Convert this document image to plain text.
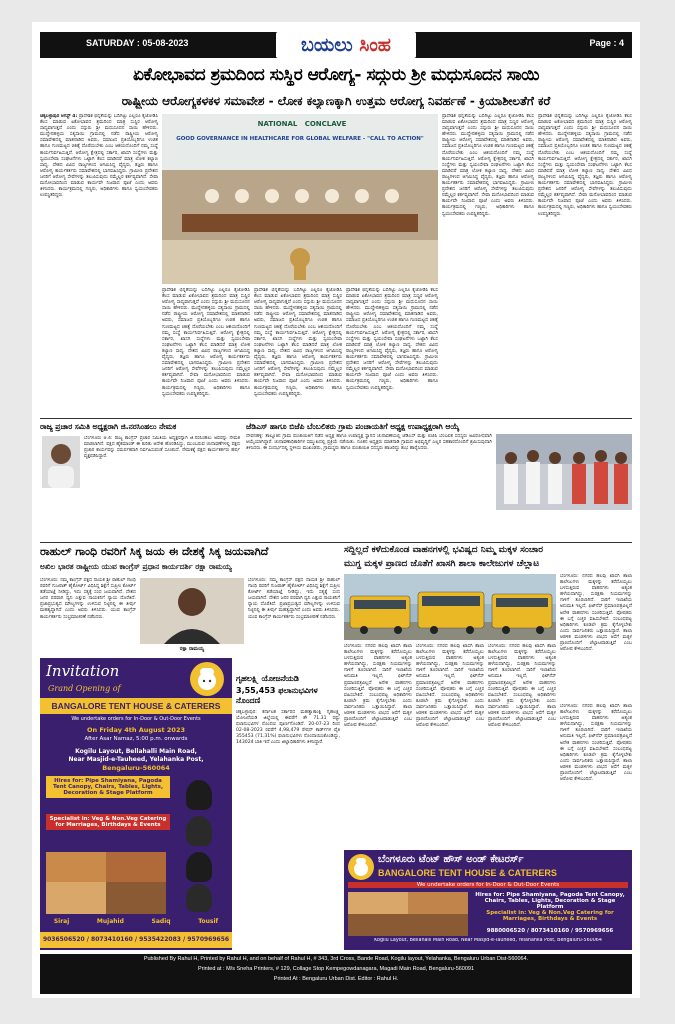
SATURDAY : 05-08-2023	ಬಯಲು ಸಿಂಹ	Page : 4
ಏಕೋಭಾವದ ಶ್ರಮದಿಂದ ಸುಸ್ಥಿರ ಆರೋಗ್ಯ- ಸದ್ಗುರು ಶ್ರೀ ಮಧುಸೂದನ ಸಾಯಿ
ರಾಷ್ಟ್ರೀಯ ಆರೋಗ್ಯಕಳಕಳ ಸಮಾವೇಶ - ಲೋಕ ಕಲ್ಯಾಣಕ್ಕಾಗಿ ಉತ್ತಮ ಆರೋಗ್ಯ ನಿವರ್ಹಣೆ - ಕ್ರಿಯಾಶೀಲತೆಗೆ ಕರೆ

ಚಿಕ್ಕಬಳ್ಳಾಪುರ ಆಗಸ್ಟ್ 4: ಪ್ರಾದೇಶಿಕ ಭಿನ್ನತೆಯನ್ನು ಬದಿಗಿಟ್ಟು ಎಲ್ಲರೂ ಕೈಜೋಡಿಸಿ ಕೆಲಸ ಮಾಡುವ ಏಕೋಭಾವದ ಶ್ರಮದಿಂದ ಮಾತ್ರ ಸುಸ್ಥಿರ ಆರೋಗ್ಯ ಸಾಧ್ಯವಾಗುತ್ತದೆ ಎಂದು ಸದ್ಗುರು ಶ್ರೀ ಮಧುಸೂದನ ಸಾಯಿ ಹೇಳಿದರು. ಮುದ್ದೇನಹಳ್ಳಿಯ ಸತ್ಯಸಾಯಿ ಗ್ರಾಮದಲ್ಲಿ ನಡೆದ ರಾಷ್ಟ್ರೀಯ ಆರೋಗ್ಯ ಸಮಾವೇಶದಲ್ಲಿ ಮಾತನಾಡಿದ ಅವರು, ಸಮಾಜದ ಪ್ರತಿಯೊಬ್ಬರಿಗೂ ಉಚಿತ ಹಾಗೂ ಗುಣಮಟ್ಟದ ಚಿಕಿತ್ಸೆ ದೊರೆಯಬೇಕು ಎಂಬ ಆಶಯದೊಂದಿಗೆ ನಮ್ಮ ಸಂಸ್ಥೆ ಕಾರ್ಯನಿರ್ವಹಿಸುತ್ತಿದೆ. ಆರೋಗ್ಯ ಕ್ಷೇತ್ರದಲ್ಲಿ ಸರ್ಕಾರ, ಖಾಸಗಿ ಸಂಸ್ಥೆಗಳು ಮತ್ತು ಸ್ವಯಂಸೇವಾ ಸಂಘಟನೆಗಳು ಒಟ್ಟಾಗಿ ಕೆಲಸ ಮಾಡಿದರೆ ಮಾತ್ರ ಲೋಕ ಕಲ್ಯಾಣ ಸಾಧ್ಯ. ದೇಶದ ವಿವಿಧ ರಾಜ್ಯಗಳಿಂದ ಆಗಮಿಸಿದ್ದ ವೈದ್ಯರು, ತಜ್ಞರು ಹಾಗೂ ಆರೋಗ್ಯ ಕಾರ್ಯಕರ್ತರು ಸಮಾವೇಶದಲ್ಲಿ ಭಾಗವಹಿಸಿದ್ದರು. ಗ್ರಾಮೀಣ ಪ್ರದೇಶದ ಜನರಿಗೆ ಆರೋಗ್ಯ ಸೇವೆಗಳನ್ನು ತಲುಪಿಸುವುದು ನಮ್ಮೆಲ್ಲರ ಕರ್ತವ್ಯವಾಗಿದೆ. ಸೇವಾ ಮನೋಭಾವದಿಂದ ಮಾಡುವ ಕಾರ್ಯವೇ ನಿಜವಾದ ಪೂಜೆ ಎಂದು ಅವರು ತಿಳಿಸಿದರು. ಕಾರ್ಯಕ್ರಮದಲ್ಲಿ ಗಣ್ಯರು, ಅಧಿಕಾರಿಗಳು ಹಾಗೂ ಸ್ವಯಂಸೇವಕರು ಉಪಸ್ಥಿತರಿದ್ದರು.

NATIONAL CONCLAVE
GOOD GOVERNANCE IN HEALTHCARE FOR GLOBAL WELFARE - "CALL TO ACTION"

ಪ್ರಾದೇಶಿಕ ಭಿನ್ನತೆಯನ್ನು ಬದಿಗಿಟ್ಟು ಎಲ್ಲರೂ ಕೈಜೋಡಿಸಿ ಕೆಲಸ ಮಾಡುವ ಏಕೋಭಾವದ ಶ್ರಮದಿಂದ ಮಾತ್ರ ಸುಸ್ಥಿರ ಆರೋಗ್ಯ ಸಾಧ್ಯವಾಗುತ್ತದೆ ಎಂದು ಸದ್ಗುರು ಶ್ರೀ ಮಧುಸೂದನ ಸಾಯಿ ಹೇಳಿದರು. ಮುದ್ದೇನಹಳ್ಳಿಯ ಸತ್ಯಸಾಯಿ ಗ್ರಾಮದಲ್ಲಿ ನಡೆದ ರಾಷ್ಟ್ರೀಯ ಆರೋಗ್ಯ ಸಮಾವೇಶದಲ್ಲಿ ಮಾತನಾಡಿದ ಅವರು, ಸಮಾಜದ ಪ್ರತಿಯೊಬ್ಬರಿಗೂ ಉಚಿತ ಹಾಗೂ ಗುಣಮಟ್ಟದ ಚಿಕಿತ್ಸೆ ದೊರೆಯಬೇಕು ಎಂಬ ಆಶಯದೊಂದಿಗೆ ನಮ್ಮ ಸಂಸ್ಥೆ ಕಾರ್ಯನಿರ್ವಹಿಸುತ್ತಿದೆ. ಆರೋಗ್ಯ ಕ್ಷೇತ್ರದಲ್ಲಿ ಸರ್ಕಾರ, ಖಾಸಗಿ ಸಂಸ್ಥೆಗಳು ಮತ್ತು ಸ್ವಯಂಸೇವಾ ಸಂಘಟನೆಗಳು ಒಟ್ಟಾಗಿ ಕೆಲಸ ಮಾಡಿದರೆ ಮಾತ್ರ ಲೋಕ ಕಲ್ಯಾಣ ಸಾಧ್ಯ. ದೇಶದ ವಿವಿಧ ರಾಜ್ಯಗಳಿಂದ ಆಗಮಿಸಿದ್ದ ವೈದ್ಯರು, ತಜ್ಞರು ಹಾಗೂ ಆರೋಗ್ಯ ಕಾರ್ಯಕರ್ತರು ಸಮಾವೇಶದಲ್ಲಿ ಭಾಗವಹಿಸಿದ್ದರು. ಗ್ರಾಮೀಣ ಪ್ರದೇಶದ ಜನರಿಗೆ ಆರೋಗ್ಯ ಸೇವೆಗಳನ್ನು ತಲುಪಿಸುವುದು ನಮ್ಮೆಲ್ಲರ ಕರ್ತವ್ಯವಾಗಿದೆ. ಸೇವಾ ಮನೋಭಾವದಿಂದ ಮಾಡುವ ಕಾರ್ಯವೇ ನಿಜವಾದ ಪೂಜೆ ಎಂದು ಅವರು ತಿಳಿಸಿದರು. ಕಾರ್ಯಕ್ರಮದಲ್ಲಿ ಗಣ್ಯರು, ಅಧಿಕಾರಿಗಳು ಹಾಗೂ ಸ್ವಯಂಸೇವಕರು ಉಪಸ್ಥಿತರಿದ್ದರು.

ಪ್ರಾದೇಶಿಕ ಭಿನ್ನತೆಯನ್ನು ಬದಿಗಿಟ್ಟು ಎಲ್ಲರೂ ಕೈಜೋಡಿಸಿ ಕೆಲಸ ಮಾಡುವ ಏಕೋಭಾವದ ಶ್ರಮದಿಂದ ಮಾತ್ರ ಸುಸ್ಥಿರ ಆರೋಗ್ಯ ಸಾಧ್ಯವಾಗುತ್ತದೆ ಎಂದು ಸದ್ಗುರು ಶ್ರೀ ಮಧುಸೂದನ ಸಾಯಿ ಹೇಳಿದರು. ಮುದ್ದೇನಹಳ್ಳಿಯ ಸತ್ಯಸಾಯಿ ಗ್ರಾಮದಲ್ಲಿ ನಡೆದ ರಾಷ್ಟ್ರೀಯ ಆರೋಗ್ಯ ಸಮಾವೇಶದಲ್ಲಿ ಮಾತನಾಡಿದ ಅವರು, ಸಮಾಜದ ಪ್ರತಿಯೊಬ್ಬರಿಗೂ ಉಚಿತ ಹಾಗೂ ಗುಣಮಟ್ಟದ ಚಿಕಿತ್ಸೆ ದೊರೆಯಬೇಕು ಎಂಬ ಆಶಯದೊಂದಿಗೆ ನಮ್ಮ ಸಂಸ್ಥೆ ಕಾರ್ಯನಿರ್ವಹಿಸುತ್ತಿದೆ. ಆರೋಗ್ಯ ಕ್ಷೇತ್ರದಲ್ಲಿ ಸರ್ಕಾರ, ಖಾಸಗಿ ಸಂಸ್ಥೆಗಳು ಮತ್ತು ಸ್ವಯಂಸೇವಾ ಸಂಘಟನೆಗಳು ಒಟ್ಟಾಗಿ ಕೆಲಸ ಮಾಡಿದರೆ ಮಾತ್ರ ಲೋಕ ಕಲ್ಯಾಣ ಸಾಧ್ಯ. ದೇಶದ ವಿವಿಧ ರಾಜ್ಯಗಳಿಂದ ಆಗಮಿಸಿದ್ದ ವೈದ್ಯರು, ತಜ್ಞರು ಹಾಗೂ ಆರೋಗ್ಯ ಕಾರ್ಯಕರ್ತರು ಸಮಾವೇಶದಲ್ಲಿ ಭಾಗವಹಿಸಿದ್ದರು. ಗ್ರಾಮೀಣ ಪ್ರದೇಶದ ಜನರಿಗೆ ಆರೋಗ್ಯ ಸೇವೆಗಳನ್ನು ತಲುಪಿಸುವುದು ನಮ್ಮೆಲ್ಲರ ಕರ್ತವ್ಯವಾಗಿದೆ. ಸೇವಾ ಮನೋಭಾವದಿಂದ ಮಾಡುವ ಕಾರ್ಯವೇ ನಿಜವಾದ ಪೂಜೆ ಎಂದು ಅವರು ತಿಳಿಸಿದರು. ಕಾರ್ಯಕ್ರಮದಲ್ಲಿ ಗಣ್ಯರು, ಅಧಿಕಾರಿಗಳು ಹಾಗೂ ಸ್ವಯಂಸೇವಕರು ಉಪಸ್ಥಿತರಿದ್ದರು.

ಪ್ರಾದೇಶಿಕ ಭಿನ್ನತೆಯನ್ನು ಬದಿಗಿಟ್ಟು ಎಲ್ಲರೂ ಕೈಜೋಡಿಸಿ ಕೆಲಸ ಮಾಡುವ ಏಕೋಭಾವದ ಶ್ರಮದಿಂದ ಮಾತ್ರ ಸುಸ್ಥಿರ ಆರೋಗ್ಯ ಸಾಧ್ಯವಾಗುತ್ತದೆ ಎಂದು ಸದ್ಗುರು ಶ್ರೀ ಮಧುಸೂದನ ಸಾಯಿ ಹೇಳಿದರು. ಮುದ್ದೇನಹಳ್ಳಿಯ ಸತ್ಯಸಾಯಿ ಗ್ರಾಮದಲ್ಲಿ ನಡೆದ ರಾಷ್ಟ್ರೀಯ ಆರೋಗ್ಯ ಸಮಾವೇಶದಲ್ಲಿ ಮಾತನಾಡಿದ ಅವರು, ಸಮಾಜದ ಪ್ರತಿಯೊಬ್ಬರಿಗೂ ಉಚಿತ ಹಾಗೂ ಗುಣಮಟ್ಟದ ಚಿಕಿತ್ಸೆ ದೊರೆಯಬೇಕು ಎಂಬ ಆಶಯದೊಂದಿಗೆ ನಮ್ಮ ಸಂಸ್ಥೆ ಕಾರ್ಯನಿರ್ವಹಿಸುತ್ತಿದೆ. ಆರೋಗ್ಯ ಕ್ಷೇತ್ರದಲ್ಲಿ ಸರ್ಕಾರ, ಖಾಸಗಿ ಸಂಸ್ಥೆಗಳು ಮತ್ತು ಸ್ವಯಂಸೇವಾ ಸಂಘಟನೆಗಳು ಒಟ್ಟಾಗಿ ಕೆಲಸ ಮಾಡಿದರೆ ಮಾತ್ರ ಲೋಕ ಕಲ್ಯಾಣ ಸಾಧ್ಯ. ದೇಶದ ವಿವಿಧ ರಾಜ್ಯಗಳಿಂದ ಆಗಮಿಸಿದ್ದ ವೈದ್ಯರು, ತಜ್ಞರು ಹಾಗೂ ಆರೋಗ್ಯ ಕಾರ್ಯಕರ್ತರು ಸಮಾವೇಶದಲ್ಲಿ ಭಾಗವಹಿಸಿದ್ದರು. ಗ್ರಾಮೀಣ ಪ್ರದೇಶದ ಜನರಿಗೆ ಆರೋಗ್ಯ ಸೇವೆಗಳನ್ನು ತಲುಪಿಸುವುದು ನಮ್ಮೆಲ್ಲರ ಕರ್ತವ್ಯವಾಗಿದೆ. ಸೇವಾ ಮನೋಭಾವದಿಂದ ಮಾಡುವ ಕಾರ್ಯವೇ ನಿಜವಾದ ಪೂಜೆ ಎಂದು ಅವರು ತಿಳಿಸಿದರು. ಕಾರ್ಯಕ್ರಮದಲ್ಲಿ ಗಣ್ಯರು, ಅಧಿಕಾರಿಗಳು ಹಾಗೂ ಸ್ವಯಂಸೇವಕರು ಉಪಸ್ಥಿತರಿದ್ದರು.

ಪ್ರಾದೇಶಿಕ ಭಿನ್ನತೆಯನ್ನು ಬದಿಗಿಟ್ಟು ಎಲ್ಲರೂ ಕೈಜೋಡಿಸಿ ಕೆಲಸ ಮಾಡುವ ಏಕೋಭಾವದ ಶ್ರಮದಿಂದ ಮಾತ್ರ ಸುಸ್ಥಿರ ಆರೋಗ್ಯ ಸಾಧ್ಯವಾಗುತ್ತದೆ ಎಂದು ಸದ್ಗುರು ಶ್ರೀ ಮಧುಸೂದನ ಸಾಯಿ ಹೇಳಿದರು. ಮುದ್ದೇನಹಳ್ಳಿಯ ಸತ್ಯಸಾಯಿ ಗ್ರಾಮದಲ್ಲಿ ನಡೆದ ರಾಷ್ಟ್ರೀಯ ಆರೋಗ್ಯ ಸಮಾವೇಶದಲ್ಲಿ ಮಾತನಾಡಿದ ಅವರು, ಸಮಾಜದ ಪ್ರತಿಯೊಬ್ಬರಿಗೂ ಉಚಿತ ಹಾಗೂ ಗುಣಮಟ್ಟದ ಚಿಕಿತ್ಸೆ ದೊರೆಯಬೇಕು ಎಂಬ ಆಶಯದೊಂದಿಗೆ ನಮ್ಮ ಸಂಸ್ಥೆ ಕಾರ್ಯನಿರ್ವಹಿಸುತ್ತಿದೆ. ಆರೋಗ್ಯ ಕ್ಷೇತ್ರದಲ್ಲಿ ಸರ್ಕಾರ, ಖಾಸಗಿ ಸಂಸ್ಥೆಗಳು ಮತ್ತು ಸ್ವಯಂಸೇವಾ ಸಂಘಟನೆಗಳು ಒಟ್ಟಾಗಿ ಕೆಲಸ ಮಾಡಿದರೆ ಮಾತ್ರ ಲೋಕ ಕಲ್ಯಾಣ ಸಾಧ್ಯ. ದೇಶದ ವಿವಿಧ ರಾಜ್ಯಗಳಿಂದ ಆಗಮಿಸಿದ್ದ ವೈದ್ಯರು, ತಜ್ಞರು ಹಾಗೂ ಆರೋಗ್ಯ ಕಾರ್ಯಕರ್ತರು ಸಮಾವೇಶದಲ್ಲಿ ಭಾಗವಹಿಸಿದ್ದರು. ಗ್ರಾಮೀಣ ಪ್ರದೇಶದ ಜನರಿಗೆ ಆರೋಗ್ಯ ಸೇವೆಗಳನ್ನು ತಲುಪಿಸುವುದು ನಮ್ಮೆಲ್ಲರ ಕರ್ತವ್ಯವಾಗಿದೆ. ಸೇವಾ ಮನೋಭಾವದಿಂದ ಮಾಡುವ ಕಾರ್ಯವೇ ನಿಜವಾದ ಪೂಜೆ ಎಂದು ಅವರು ತಿಳಿಸಿದರು. ಕಾರ್ಯಕ್ರಮದಲ್ಲಿ ಗಣ್ಯರು, ಅಧಿಕಾರಿಗಳು ಹಾಗೂ ಸ್ವಯಂಸೇವಕರು ಉಪಸ್ಥಿತರಿದ್ದರು.

ಪ್ರಾದೇಶಿಕ ಭಿನ್ನತೆಯನ್ನು ಬದಿಗಿಟ್ಟು ಎಲ್ಲರೂ ಕೈಜೋಡಿಸಿ ಕೆಲಸ ಮಾಡುವ ಏಕೋಭಾವದ ಶ್ರಮದಿಂದ ಮಾತ್ರ ಸುಸ್ಥಿರ ಆರೋಗ್ಯ ಸಾಧ್ಯವಾಗುತ್ತದೆ ಎಂದು ಸದ್ಗುರು ಶ್ರೀ ಮಧುಸೂದನ ಸಾಯಿ ಹೇಳಿದರು. ಮುದ್ದೇನಹಳ್ಳಿಯ ಸತ್ಯಸಾಯಿ ಗ್ರಾಮದಲ್ಲಿ ನಡೆದ ರಾಷ್ಟ್ರೀಯ ಆರೋಗ್ಯ ಸಮಾವೇಶದಲ್ಲಿ ಮಾತನಾಡಿದ ಅವರು, ಸಮಾಜದ ಪ್ರತಿಯೊಬ್ಬರಿಗೂ ಉಚಿತ ಹಾಗೂ ಗುಣಮಟ್ಟದ ಚಿಕಿತ್ಸೆ ದೊರೆಯಬೇಕು ಎಂಬ ಆಶಯದೊಂದಿಗೆ ನಮ್ಮ ಸಂಸ್ಥೆ ಕಾರ್ಯನಿರ್ವಹಿಸುತ್ತಿದೆ. ಆರೋಗ್ಯ ಕ್ಷೇತ್ರದಲ್ಲಿ ಸರ್ಕಾರ, ಖಾಸಗಿ ಸಂಸ್ಥೆಗಳು ಮತ್ತು ಸ್ವಯಂಸೇವಾ ಸಂಘಟನೆಗಳು ಒಟ್ಟಾಗಿ ಕೆಲಸ ಮಾಡಿದರೆ ಮಾತ್ರ ಲೋಕ ಕಲ್ಯಾಣ ಸಾಧ್ಯ. ದೇಶದ ವಿವಿಧ ರಾಜ್ಯಗಳಿಂದ ಆಗಮಿಸಿದ್ದ ವೈದ್ಯರು, ತಜ್ಞರು ಹಾಗೂ ಆರೋಗ್ಯ ಕಾರ್ಯಕರ್ತರು ಸಮಾವೇಶದಲ್ಲಿ ಭಾಗವಹಿಸಿದ್ದರು. ಗ್ರಾಮೀಣ ಪ್ರದೇಶದ ಜನರಿಗೆ ಆರೋಗ್ಯ ಸೇವೆಗಳನ್ನು ತಲುಪಿಸುವುದು ನಮ್ಮೆಲ್ಲರ ಕರ್ತವ್ಯವಾಗಿದೆ. ಸೇವಾ ಮನೋಭಾವದಿಂದ ಮಾಡುವ ಕಾರ್ಯವೇ ನಿಜವಾದ ಪೂಜೆ ಎಂದು ಅವರು ತಿಳಿಸಿದರು. ಕಾರ್ಯಕ್ರಮದಲ್ಲಿ ಗಣ್ಯರು, ಅಧಿಕಾರಿಗಳು ಹಾಗೂ ಸ್ವಯಂಸೇವಕರು ಉಪಸ್ಥಿತರಿದ್ದರು.

ರಾಜ್ಯ ಪ್ರಚಾರ ಸಮಿತಿ ಅಧ್ಯಕ್ಷರಾಗಿ ಜಿ.ನರಸಿಂಹಲು ನೇಮಕ

ಬೆಂಗಳೂರು ಆ.4: ರಾಜ್ಯ ಕಾಂಗ್ರೆಸ್ ಪ್ರಚಾರ ಸಮಿತಿಯ ಅಧ್ಯಕ್ಷರನ್ನಾಗಿ ಜಿ.ನರಸಿಂಹಲು ಅವರನ್ನು ನೇಮಕ ಮಾಡಲಾಗಿದೆ. ಪಕ್ಷದ ಹೈಕಮಾಂಡ್ ಈ ಕುರಿತು ಆದೇಶ ಹೊರಡಿಸಿದ್ದು, ಮುಂಬರುವ ಚುನಾವಣೆಗಳಲ್ಲಿ ಪಕ್ಷದ ಪ್ರಚಾರ ಕಾರ್ಯವನ್ನು ಸಮರ್ಪಕವಾಗಿ ನಿರ್ವಹಿಸುವಂತೆ ಸೂಚಿಸಿದೆ. ನೇಮಕಕ್ಕೆ ಪಕ್ಷದ ಕಾರ್ಯಕರ್ತರು ಹರ್ಷ ವ್ಯಕ್ತಪಡಿಸಿದ್ದಾರೆ.

ಜೆಡಿಎಸ್ ಹಾಗೂ ಬಿಜೆಪಿ ಬೆಂಬಲಿತರು ಗ್ರಾಮ ಪಂಚಾಯತಿಗೆ ಅಧ್ಯಕ್ಷ ಉಪಾಧ್ಯಕ್ಷರಾಗಿ ಆಯ್ಕೆ

ದೇವನಹಳ್ಳಿ: ತಾಲ್ಲೂಕಿನ ಗ್ರಾಮ ಪಂಚಾಯಿತಿಗೆ ನಡೆದ ಅಧ್ಯಕ್ಷ ಹಾಗೂ ಉಪಾಧ್ಯಕ್ಷ ಸ್ಥಾನದ ಚುನಾವಣೆಯಲ್ಲಿ ಜೆಡಿಎಸ್ ಮತ್ತು ಬಿಜೆಪಿ ಬೆಂಬಲಿತ ಸದಸ್ಯರು ಅವಿರೋಧವಾಗಿ ಆಯ್ಕೆಯಾಗಿದ್ದಾರೆ. ಚುನಾವಣಾಧಿಕಾರಿಗಳ ಸಮ್ಮುಖದಲ್ಲಿ ಪ್ರಕ್ರಿಯೆ ನಡೆಯಿತು. ನೂತನ ಅಧ್ಯಕ್ಷರು ಮಾತನಾಡಿ ಗ್ರಾಮದ ಅಭಿವೃದ್ಧಿಗೆ ಎಲ್ಲರ ಸಹಕಾರದೊಂದಿಗೆ ಶ್ರಮಿಸುವುದಾಗಿ ತಿಳಿಸಿದರು. ಈ ಸಂದರ್ಭದಲ್ಲಿ ಸ್ಥಳೀಯ ಮುಖಂಡರು, ಗ್ರಾಮಸ್ಥರು ಹಾಗೂ ಪಂಚಾಯಿತಿ ಸದಸ್ಯರು ಹಾಜರಿದ್ದು ಶುಭ ಹಾರೈಸಿದರು.

ರಾಹುಲ್ ಗಾಂಧಿ ರವರಿಗೆ ಸಿಕ್ಕ ಜಯ ಈ ದೇಶಕ್ಕೆ ಸಿಕ್ಕ ಜಯವಾಗಿದೆ
ಅಖಿಲ ಭಾರತ ರಾಷ್ಟ್ರೀಯ ಯುವ ಕಾಂಗ್ರೆಸ್ ಪ್ರಧಾನ ಕಾರ್ಯದರ್ಶಿ ರಕ್ಷಾ ರಾಮಯ್ಯ

ಬೆಂಗಳೂರು: ನಮ್ಮ ಕಾಂಗ್ರೆಸ್ ಪಕ್ಷದ ನಾಯಕ ಶ್ರೀ ರಾಹುಲ್ ಗಾಂಧಿ ರವರಿಗೆ ಗುಜರಾತ್ ಹೈಕೋರ್ಟ್ ವಿಧಿಸಿದ್ದ ಶಿಕ್ಷೆಗೆ ಸುಪ್ರೀಂ ಕೋರ್ಟ್ ತಡೆಯಾಜ್ಞೆ ನೀಡಿದ್ದು, ಇದು ಸತ್ಯಕ್ಕೆ ಸಂದ ಜಯವಾಗಿದೆ. ದೇಶದ ಜನರ ಪರವಾಗಿ ಧ್ವನಿ ಎತ್ತುವ ನಾಯಕನಿಗೆ ನ್ಯಾಯ ದೊರೆತಿದೆ. ಪ್ರಜಾಪ್ರಭುತ್ವದ ಮೌಲ್ಯಗಳನ್ನು ಉಳಿಸುವ ನಿಟ್ಟಿನಲ್ಲಿ ಈ ತೀರ್ಪು ಮಹತ್ವದ್ದಾಗಿದೆ ಎಂದು ಅವರು ತಿಳಿಸಿದರು. ಯುವ ಕಾಂಗ್ರೆಸ್ ಕಾರ್ಯಕರ್ತರು ಸಂಭ್ರಮಾಚರಣೆ ನಡೆಸಿದರು.

ರಕ್ಷಾ ರಾಮಯ್ಯ

ಬೆಂಗಳೂರು: ನಮ್ಮ ಕಾಂಗ್ರೆಸ್ ಪಕ್ಷದ ನಾಯಕ ಶ್ರೀ ರಾಹುಲ್ ಗಾಂಧಿ ರವರಿಗೆ ಗುಜರಾತ್ ಹೈಕೋರ್ಟ್ ವಿಧಿಸಿದ್ದ ಶಿಕ್ಷೆಗೆ ಸುಪ್ರೀಂ ಕೋರ್ಟ್ ತಡೆಯಾಜ್ಞೆ ನೀಡಿದ್ದು, ಇದು ಸತ್ಯಕ್ಕೆ ಸಂದ ಜಯವಾಗಿದೆ. ದೇಶದ ಜನರ ಪರವಾಗಿ ಧ್ವನಿ ಎತ್ತುವ ನಾಯಕನಿಗೆ ನ್ಯಾಯ ದೊರೆತಿದೆ. ಪ್ರಜಾಪ್ರಭುತ್ವದ ಮೌಲ್ಯಗಳನ್ನು ಉಳಿಸುವ ನಿಟ್ಟಿನಲ್ಲಿ ಈ ತೀರ್ಪು ಮಹತ್ವದ್ದಾಗಿದೆ ಎಂದು ಅವರು ತಿಳಿಸಿದರು. ಯುವ ಕಾಂಗ್ರೆಸ್ ಕಾರ್ಯಕರ್ತರು ಸಂಭ್ರಮಾಚರಣೆ ನಡೆಸಿದರು.

ಸದ್ದಿಲ್ಲದೆ ಕಳೆದುಕೊಂಡ ವಾಹನಗಳಲ್ಲಿ ಭವಿಷ್ಯದ ನಿಮ್ಮ ಮಕ್ಕಳ ಸಂಚಾರ
ಮುಗ್ದ ಮಕ್ಕಳ ಪ್ರಾಣದ ಜೊತೆಗೆ ಖಾಸಗಿ ಶಾಲಾ ಕಾಲೇಜುಗಳ ಚೆಲ್ಲಾಟ

ಬೆಂಗಳೂರು: ನಗರದ ಹಲವು ಖಾಸಗಿ ಶಾಲಾ ಕಾಲೇಜುಗಳು ಮಕ್ಕಳನ್ನು ಕರೆದೊಯ್ಯಲು ಬಳಸುತ್ತಿರುವ ವಾಹನಗಳು ಅತ್ಯಂತ ಹಳೆಯದಾಗಿದ್ದು, ಸುರಕ್ಷತಾ ನಿಯಮಗಳನ್ನು ಗಾಳಿಗೆ ತೂರಲಾಗಿದೆ. ಸಾರಿಗೆ ಇಲಾಖೆಯ ಅನುಮತಿ ಇಲ್ಲದೆ, ಫಿಟ್‌ನೆಸ್ ಪ್ರಮಾಣಪತ್ರವಿಲ್ಲದೆ ಅನೇಕ ವಾಹನಗಳು ಸಂಚರಿಸುತ್ತಿವೆ. ಪೋಷಕರು ಈ ಬಗ್ಗೆ ಎಚ್ಚರ ವಹಿಸಬೇಕಿದೆ. ಸಂಬಂಧಪಟ್ಟ ಅಧಿಕಾರಿಗಳು ಕೂಡಲೇ ಕ್ರಮ ಕೈಗೊಳ್ಳಬೇಕು ಎಂದು ಸಾರ್ವಜನಿಕರು ಒತ್ತಾಯಿಸಿದ್ದಾರೆ. ಶಾಲಾ ಆಡಳಿತ ಮಂಡಳಿಗಳು ಲಾಭದ ಆಸೆಗೆ ಮಕ್ಕಳ ಪ್ರಾಣದೊಂದಿಗೆ ಚೆಲ್ಲಾಟವಾಡುತ್ತಿವೆ ಎಂಬ ಆರೋಪ ಕೇಳಿಬಂದಿದೆ.

ಬೆಂಗಳೂರು: ನಗರದ ಹಲವು ಖಾಸಗಿ ಶಾಲಾ ಕಾಲೇಜುಗಳು ಮಕ್ಕಳನ್ನು ಕರೆದೊಯ್ಯಲು ಬಳಸುತ್ತಿರುವ ವಾಹನಗಳು ಅತ್ಯಂತ ಹಳೆಯದಾಗಿದ್ದು, ಸುರಕ್ಷತಾ ನಿಯಮಗಳನ್ನು ಗಾಳಿಗೆ ತೂರಲಾಗಿದೆ. ಸಾರಿಗೆ ಇಲಾಖೆಯ ಅನುಮತಿ ಇಲ್ಲದೆ, ಫಿಟ್‌ನೆಸ್ ಪ್ರಮಾಣಪತ್ರವಿಲ್ಲದೆ ಅನೇಕ ವಾಹನಗಳು ಸಂಚರಿಸುತ್ತಿವೆ. ಪೋಷಕರು ಈ ಬಗ್ಗೆ ಎಚ್ಚರ ವಹಿಸಬೇಕಿದೆ. ಸಂಬಂಧಪಟ್ಟ ಅಧಿಕಾರಿಗಳು ಕೂಡಲೇ ಕ್ರಮ ಕೈಗೊಳ್ಳಬೇಕು ಎಂದು ಸಾರ್ವಜನಿಕರು ಒತ್ತಾಯಿಸಿದ್ದಾರೆ. ಶಾಲಾ ಆಡಳಿತ ಮಂಡಳಿಗಳು ಲಾಭದ ಆಸೆಗೆ ಮಕ್ಕಳ ಪ್ರಾಣದೊಂದಿಗೆ ಚೆಲ್ಲಾಟವಾಡುತ್ತಿವೆ ಎಂಬ ಆರೋಪ ಕೇಳಿಬಂದಿದೆ.

ಬೆಂಗಳೂರು: ನಗರದ ಹಲವು ಖಾಸಗಿ ಶಾಲಾ ಕಾಲೇಜುಗಳು ಮಕ್ಕಳನ್ನು ಕರೆದೊಯ್ಯಲು ಬಳಸುತ್ತಿರುವ ವಾಹನಗಳು ಅತ್ಯಂತ ಹಳೆಯದಾಗಿದ್ದು, ಸುರಕ್ಷತಾ ನಿಯಮಗಳನ್ನು ಗಾಳಿಗೆ ತೂರಲಾಗಿದೆ. ಸಾರಿಗೆ ಇಲಾಖೆಯ ಅನುಮತಿ ಇಲ್ಲದೆ, ಫಿಟ್‌ನೆಸ್ ಪ್ರಮಾಣಪತ್ರವಿಲ್ಲದೆ ಅನೇಕ ವಾಹನಗಳು ಸಂಚರಿಸುತ್ತಿವೆ. ಪೋಷಕರು ಈ ಬಗ್ಗೆ ಎಚ್ಚರ ವಹಿಸಬೇಕಿದೆ. ಸಂಬಂಧಪಟ್ಟ ಅಧಿಕಾರಿಗಳು ಕೂಡಲೇ ಕ್ರಮ ಕೈಗೊಳ್ಳಬೇಕು ಎಂದು ಸಾರ್ವಜನಿಕರು ಒತ್ತಾಯಿಸಿದ್ದಾರೆ. ಶಾಲಾ ಆಡಳಿತ ಮಂಡಳಿಗಳು ಲಾಭದ ಆಸೆಗೆ ಮಕ್ಕಳ ಪ್ರಾಣದೊಂದಿಗೆ ಚೆಲ್ಲಾಟವಾಡುತ್ತಿವೆ ಎಂಬ ಆರೋಪ ಕೇಳಿಬಂದಿದೆ.

ಬೆಂಗಳೂರು: ನಗರದ ಹಲವು ಖಾಸಗಿ ಶಾಲಾ ಕಾಲೇಜುಗಳು ಮಕ್ಕಳನ್ನು ಕರೆದೊಯ್ಯಲು ಬಳಸುತ್ತಿರುವ ವಾಹನಗಳು ಅತ್ಯಂತ ಹಳೆಯದಾಗಿದ್ದು, ಸುರಕ್ಷತಾ ನಿಯಮಗಳನ್ನು ಗಾಳಿಗೆ ತೂರಲಾಗಿದೆ. ಸಾರಿಗೆ ಇಲಾಖೆಯ ಅನುಮತಿ ಇಲ್ಲದೆ, ಫಿಟ್‌ನೆಸ್ ಪ್ರಮಾಣಪತ್ರವಿಲ್ಲದೆ ಅನೇಕ ವಾಹನಗಳು ಸಂಚರಿಸುತ್ತಿವೆ. ಪೋಷಕರು ಈ ಬಗ್ಗೆ ಎಚ್ಚರ ವಹಿಸಬೇಕಿದೆ. ಸಂಬಂಧಪಟ್ಟ ಅಧಿಕಾರಿಗಳು ಕೂಡಲೇ ಕ್ರಮ ಕೈಗೊಳ್ಳಬೇಕು ಎಂದು ಸಾರ್ವಜನಿಕರು ಒತ್ತಾಯಿಸಿದ್ದಾರೆ. ಶಾಲಾ ಆಡಳಿತ ಮಂಡಳಿಗಳು ಲಾಭದ ಆಸೆಗೆ ಮಕ್ಕಳ ಪ್ರಾಣದೊಂದಿಗೆ ಚೆಲ್ಲಾಟವಾಡುತ್ತಿವೆ ಎಂಬ ಆರೋಪ ಕೇಳಿಬಂದಿದೆ.

ಬೆಂಗಳೂರು: ನಗರದ ಹಲವು ಖಾಸಗಿ ಶಾಲಾ ಕಾಲೇಜುಗಳು ಮಕ್ಕಳನ್ನು ಕರೆದೊಯ್ಯಲು ಬಳಸುತ್ತಿರುವ ವಾಹನಗಳು ಅತ್ಯಂತ ಹಳೆಯದಾಗಿದ್ದು, ಸುರಕ್ಷತಾ ನಿಯಮಗಳನ್ನು ಗಾಳಿಗೆ ತೂರಲಾಗಿದೆ. ಸಾರಿಗೆ ಇಲಾಖೆಯ ಅನುಮತಿ ಇಲ್ಲದೆ, ಫಿಟ್‌ನೆಸ್ ಪ್ರಮಾಣಪತ್ರವಿಲ್ಲದೆ ಅನೇಕ ವಾಹನಗಳು ಸಂಚರಿಸುತ್ತಿವೆ. ಪೋಷಕರು ಈ ಬಗ್ಗೆ ಎಚ್ಚರ ವಹಿಸಬೇಕಿದೆ. ಸಂಬಂಧಪಟ್ಟ ಅಧಿಕಾರಿಗಳು ಕೂಡಲೇ ಕ್ರಮ ಕೈಗೊಳ್ಳಬೇಕು ಎಂದು ಸಾರ್ವಜನಿಕರು ಒತ್ತಾಯಿಸಿದ್ದಾರೆ. ಶಾಲಾ ಆಡಳಿತ ಮಂಡಳಿಗಳು ಲಾಭದ ಆಸೆಗೆ ಮಕ್ಕಳ ಪ್ರಾಣದೊಂದಿಗೆ ಚೆಲ್ಲಾಟವಾಡುತ್ತಿವೆ ಎಂಬ ಆರೋಪ ಕೇಳಿಬಂದಿದೆ.

Invitation
Grand Opening of
BANGALORE TENT HOUSE & CATERERS
We undertake orders for In-Door & Out-Door Events
On Friday 4th August 2023
After Asar Namaz, 5:00 p.m. onwards
Kogilu Layout, Bellahalli Main Road,
Near Masjid-e-Tauheed, Yelahanka Post,
Bengaluru-560064
Hires for: Pipe Shamiyana, Pagoda Tent Canopy, Chairs, Tables, Lights, Decoration & Stage Platform
Specialist in: Veg & Non.Veg Catering for Marriages, Birthdays & Events
Siraj	Mujahid	Sadiq	Tousif
9036506520 / 8073410160 / 9535422083 / 9570969656
ಗೃಹಲಕ್ಷ್ಮಿ ಯೋಜನೆಯಡಿ
3,55,453 ಫಲಾನುಭವಿಗಳ ನೊಂದಣಿ

ಚಿಕ್ಕಬಳ್ಳಾಪುರ: ಕರ್ನಾಟಕ ಸರ್ಕಾರದ ಮಹತ್ವಾಕಾಂಕ್ಷಿ ಗೃಹಲಕ್ಷ್ಮಿ ಯೋಜನೆಯಡಿ ಜಿಲ್ಲೆಯಲ್ಲಿ ಈವರೆಗೆ ಶೇ 71.31 ರಷ್ಟು ಫಲಾನುಭವಿಗಳ ನೊಂದಣಿ ಪೂರ್ಣಗೊಂಡಿದೆ. 20-07-23 ರಿಂದ 02-08-2023 ರವರೆಗೆ 4,98,479 ರೇಷನ್ ಕಾರ್ಡ್‌ಗಳ ಪೈಕಿ 355453 (71.31%) ಫಲಾನುಭವಿಗಳು ನೊಂದಾಯಿಸಿಕೊಂಡಿದ್ದು, 143024 ಬಾಕಿ ಇದೆ ಎಂದು ಜಿಲ್ಲಾಧಿಕಾರಿಗಳು ತಿಳಿಸಿದ್ದಾರೆ.

ಬೆಂಗಳೂರು ಟೆಂಟ್ ಹೌಸ್ ಅಂಡ್ ಕೇಟರರ್ಸ್
BANGALORE TENT HOUSE & CATERERS
We undertake orders for In-Door & Out-Door Events
Hires for: Pipe Shamiyana, Pagoda Tent Canopy, Chairs, Tables, Lights, Decoration & Stage Platform
Specialist in: Veg & Non.Veg Catering for Marriages, Birthdays & Events
Kogilu Layout, Bellahalli Main Road, Near Masjid-e-Tauheed, Yelahanka Post, Bengaluru-560064
9880006520 / 8073410160 / 9570969656
Published By Rahul H, Printed by Rahul H, and on behalf of Rahul H, # 343, 3rd Cross, Bande Road, Kogilu layout, Yelahanka, Bengaluru Urban Dist-560064.
Printed at : M/s Sneha Printers, # 129, Collage Stop Kempegowdanagara, Magadi Main Road, Bengaluru-560091
Printed At : Bengaluru Urban Dist. Editor : Rahul H.
